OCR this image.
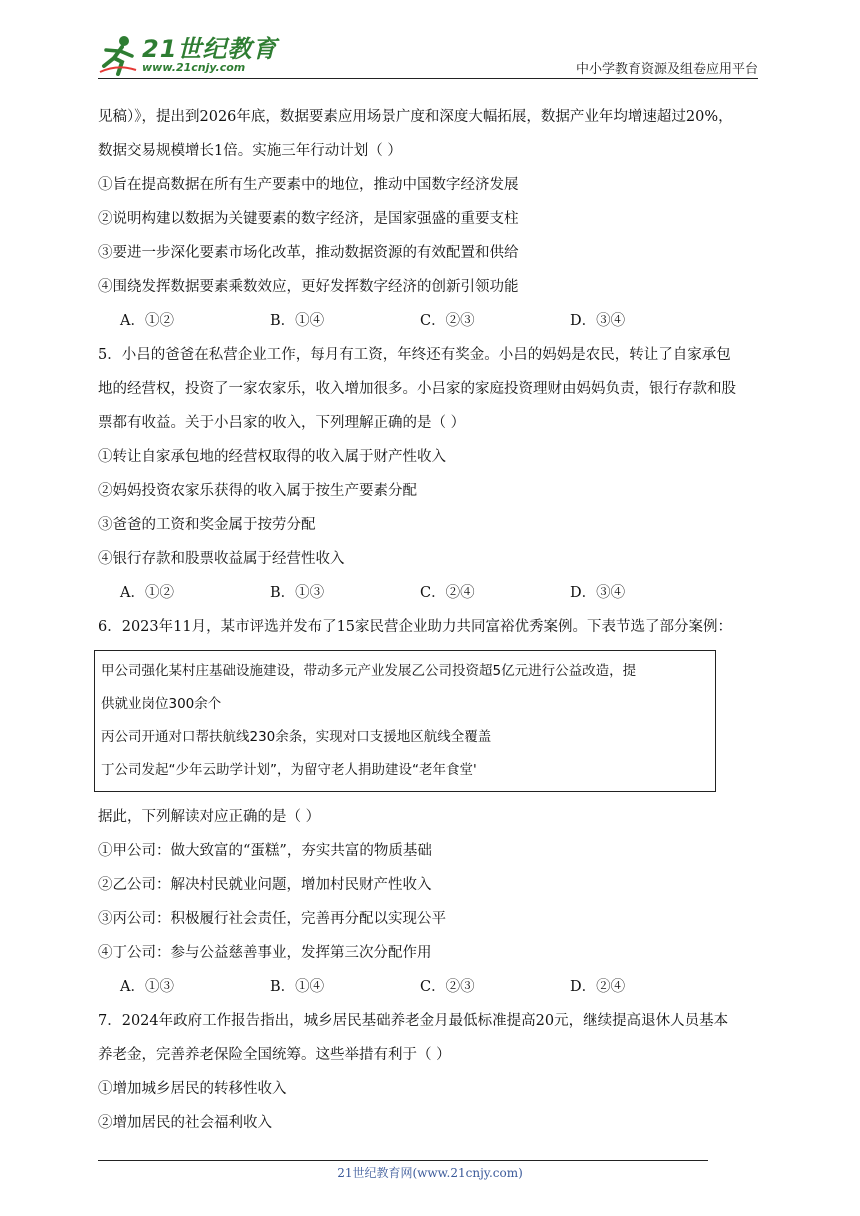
21世纪教育
www.21cnjy.com	中小学教育资源及组卷应用平台
见稿）》，提出到2026年底，数据要素应用场景广度和深度大幅拓展，数据产业年均增速超过20%，
数据交易规模增长1倍。实施三年行动计划（ ）
①旨在提高数据在所有生产要素中的地位，推动中国数字经济发展
②说明构建以数据为关键要素的数字经济，是国家强盛的重要支柱
③要进一步深化要素市场化改革，推动数据资源的有效配置和供给
④围绕发挥数据要素乘数效应，更好发挥数字经济的创新引领功能
A．①②	B．①④	C．②③	D．③④
5．小吕的爸爸在私营企业工作，每月有工资，年终还有奖金。小吕的妈妈是农民，转让了自家承包
地的经营权，投资了一家农家乐，收入增加很多。小吕家的家庭投资理财由妈妈负责，银行存款和股
票都有收益。关于小吕家的收入，下列理解正确的是（ ）
①转让自家承包地的经营权取得的收入属于财产性收入
②妈妈投资农家乐获得的收入属于按生产要素分配
③爸爸的工资和奖金属于按劳分配
④银行存款和股票收益属于经营性收入
A．①②	B．①③	C．②④	D．③④
6．2023年11月，某市评选并发布了15家民营企业助力共同富裕优秀案例。下表节选了部分案例：
甲公司强化某村庄基础设施建设，带动多元产业发展乙公司投资超5亿元进行公益改造，提
供就业岗位300余个
丙公司开通对口帮扶航线230余条，实现对口支援地区航线全覆盖
丁公司发起“少年云助学计划”，为留守老人捐助建设“老年食堂'
据此，下列解读对应正确的是（ ）
①甲公司：做大致富的“蛋糕”，夯实共富的物质基础
②乙公司：解决村民就业问题，增加村民财产性收入
③丙公司：积极履行社会责任，完善再分配以实现公平
④丁公司：参与公益慈善事业，发挥第三次分配作用
A．①③	B．①④	C．②③	D．②④
7．2024年政府工作报告指出，城乡居民基础养老金月最低标准提高20元，继续提高退休人员基本
养老金，完善养老保险全国统筹。这些举措有利于（ ）
①增加城乡居民的转移性收入
②增加居民的社会福利收入
21世纪教育网(www.21cnjy.com)
